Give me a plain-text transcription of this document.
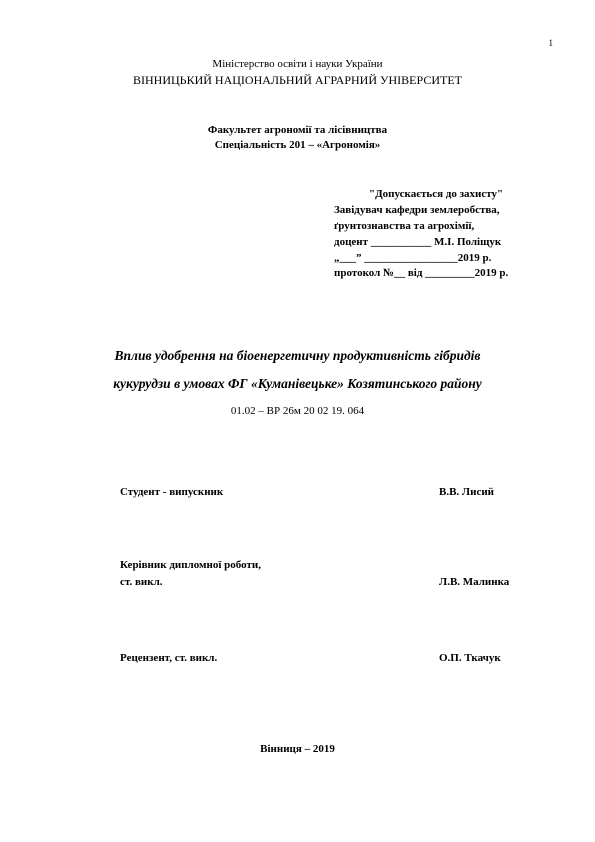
1
Міністерство освіти і науки України
ВІННИЦЬКИЙ НАЦІОНАЛЬНИЙ АГРАРНИЙ УНІВЕРСИТЕТ
Факультет агрономії та лісівництва
Спеціальність 201 – «Агрономія»
"Допускається до захисту"
Завідувач кафедри землеробства,
ґрунтознавства та агрохімії,
доцент ___________ М.І. Поліщук
„___” _________________2019 р.
протокол №__ від _________2019 р.
Вплив удобрення на біоенергетичну продуктивність гібридів
кукурудзи в умовах ФГ «Куманівецьке» Козятинського району
01.02 – ВР 26м 20 02 19. 064
Студент - випускник	В.В. Лисий
Керівник дипломної роботи,
ст. викл.	Л.В. Малинка
Рецензент, ст. викл.	О.П. Ткачук
Вінниця – 2019
